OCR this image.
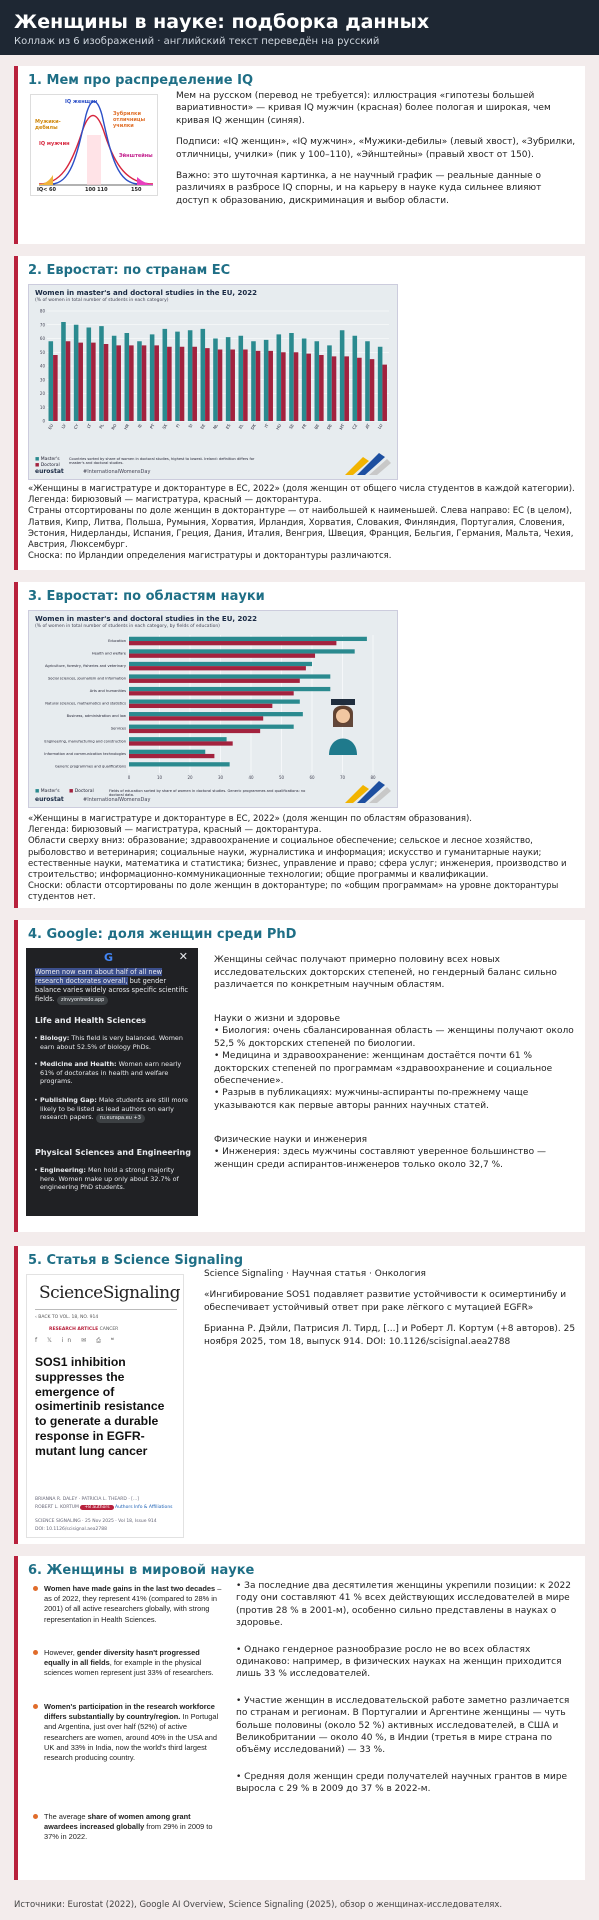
Женщины в науке: подборка данных
Коллаж из 6 изображений · английский текст переведён на русский
1. Мем про распределение IQ
IQ женщин
IQ мужчин
Мужики-дебилы
Зубрилки отличницы училки
Эйнштейны
IQ< 60	100 110	150

Мем на русском (перевод не требуется): иллюстрация «гипотезы большей вариативности» — кривая IQ мужчин (красная) более пологая и широкая, чем кривая IQ женщин (синяя).

Подписи: «IQ женщин», «IQ мужчин», «Мужики-дебилы» (левый хвост), «Зубрилки, отличницы, училки» (пик у 100–110), «Эйнштейны» (правый хвост от 150).

Важно: это шуточная картинка, а не научный график — реальные данные о различиях в разбросе IQ спорны, и на карьеру в науке куда сильнее влияют доступ к образованию, дискриминация и выбор области.

2. Евростат: по странам ЕС
Women in master's and doctoral studies in the EU, 2022
(% of women in total number of students in each category)
0
10
20
30
40
50
60
70
80
EU LV CY LT PL RO HR IE PT SK FI SI EE NL ES EL DK IT HU SE FR BE DE MT CZ AT LU
■ Master's
■ Doctoral
Countries sorted by share of women in doctoral studies, highest to lowest. Ireland: definition differs for master's and doctoral studies.
eurostat	#InternationalWomensDay
«Женщины в магистратуре и докторантуре в ЕС, 2022» (доля женщин от общего числа студентов в каждой категории).
Легенда: бирюзовый — магистратура, красный — докторантура.
Страны отсортированы по доле женщин в докторантуре — от наибольшей к наименьшей. Слева направо: ЕС (в целом), Латвия, Кипр, Литва, Польша, Румыния, Хорватия, Ирландия, Хорватия, Словакия, Финляндия, Португалия, Словения, Эстония, Нидерланды, Испания, Греция, Дания, Италия, Венгрия, Швеция, Франция, Бельгия, Германия, Мальта, Чехия, Австрия, Люксембург.
Сноска: по Ирландии определения магистратуры и докторантуры различаются.
3. Евростат: по областям науки
Women in master's and doctoral studies in the EU, 2022
(% of women in total number of students in each category, by fields of education)
0	10	20	30	40	50	60	70	80
Education
Health and welfare
Agriculture, forestry, fisheries and veterinary
Social sciences, journalism and information
Arts and humanities
Natural sciences, mathematics and statistics
Business, administration and law
Services
Engineering, manufacturing and construction
Information and communication technologies
Generic programmes and qualifications
■ Master's ■ Doctoral	Fields of education sorted by share of women in doctoral studies. Generic programmes and qualifications: no doctoral data.
eurostat	#InternationalWomensDay
«Женщины в магистратуре и докторантуре в ЕС, 2022» (доля женщин по областям образования).
Легенда: бирюзовый — магистратура, красный — докторантура.
Области сверху вниз: образование; здравоохранение и социальное обеспечение; сельское и лесное хозяйство, рыболовство и ветеринария; социальные науки, журналистика и информация; искусство и гуманитарные науки; естественные науки, математика и статистика; бизнес, управление и право; сфера услуг; инженерия, производство и строительство; информационно-коммуникационные технологии; общие программы и квалификации.
Сноски: области отсортированы по доле женщин в докторантуре; по «общим программам» на уровне докторантуры студентов нет.
4. Google: доля женщин среди PhD
G	✕
Women now earn about half of all new research doctorates overall, but gender balance varies widely across specific scientific fields. zinvyontredo.app
Life and Health Sciences
• Biology: This field is very balanced. Women earn about 52.5% of biology PhDs.
• Medicine and Health: Women earn nearly 61% of doctorates in health and welfare programs.
• Publishing Gap: Male students are still more likely to be listed as lead authors on early research papers. ru.eurapa.eu +3
Physical Sciences and Engineering
• Engineering: Men hold a strong majority here. Women make up only about 32.7% of engineering PhD students.

Женщины сейчас получают примерно половину всех новых исследовательских докторских степеней, но гендерный баланс сильно различается по конкретным научным областям.

Науки о жизни и здоровье
• Биология: очень сбалансированная область — женщины получают около 52,5 % докторских степеней по биологии.
• Медицина и здравоохранение: женщинам достаётся почти 61 % докторских степеней по программам «здравоохранение и социальное обеспечение».
• Разрыв в публикациях: мужчины-аспиранты по-прежнему чаще указываются как первые авторы ранних научных статей.

Физические науки и инженерия
• Инженерия: здесь мужчины составляют уверенное большинство — женщин среди аспирантов-инженеров только около 32,7 %.

5. Статья в Science Signaling
ScienceSignaling
‹ BACK TO VOL. 18, NO. 914
RESEARCH ARTICLE CANCER
f 𝕏 in ✉ ⎙ ❝
SOS1 inhibition suppresses the emergence of osimertinib resistance to generate a durable response in EGFR-mutant lung cancer
BRIANNA R. DALEY · PATRICIA L. THEARD · [...]
ROBERT L. KORTUM +8 authors Authors Info & Affiliations
SCIENCE SIGNALING · 25 Nov 2025 · Vol 18, Issue 914
DOI: 10.1126/scisignal.aea2788

Science Signaling · Научная статья · Онкология

«Ингибирование SOS1 подавляет развитие устойчивости к осимертинибу и обеспечивает устойчивый ответ при раке лёгкого с мутацией EGFR»

Брианна Р. Дэйли, Патрисия Л. Тирд, [...] и Роберт Л. Кортум (+8 авторов). 25 ноября 2025, том 18, выпуск 914. DOI: 10.1126/scisignal.aea2788

6. Женщины в мировой науке
Women have made gains in the last two decades – as of 2022, they represent 41% (compared to 28% in 2001) of all active researchers globally, with strong representation in Health Sciences.
However, gender diversity hasn't progressed equally in all fields, for example in the physical sciences women represent just 33% of researchers.
Women's participation in the research workforce differs substantially by country/region. In Portugal and Argentina, just over half (52%) of active researchers are women, around 40% in the USA and UK and 33% in India, now the world's third largest research producing country.
The average share of women among grant awardees increased globally from 29% in 2009 to 37% in 2022.

• За последние два десятилетия женщины укрепили позиции: к 2022 году они составляют 41 % всех действующих исследователей в мире (против 28 % в 2001-м), особенно сильно представлены в науках о здоровье.

• Однако гендерное разнообразие росло не во всех областях одинаково: например, в физических науках на женщин приходится лишь 33 % исследователей.

• Участие женщин в исследовательской работе заметно различается по странам и регионам. В Португалии и Аргентине женщины — чуть больше половины (около 52 %) активных исследователей, в США и Великобритании — около 40 %, в Индии (третья в мире страна по объёму исследований) — 33 %.

• Средняя доля женщин среди получателей научных грантов в мире выросла с 29 % в 2009 до 37 % в 2022-м.

Источники: Eurostat (2022), Google AI Overview, Science Signaling (2025), обзор о женщинах-исследователях.
